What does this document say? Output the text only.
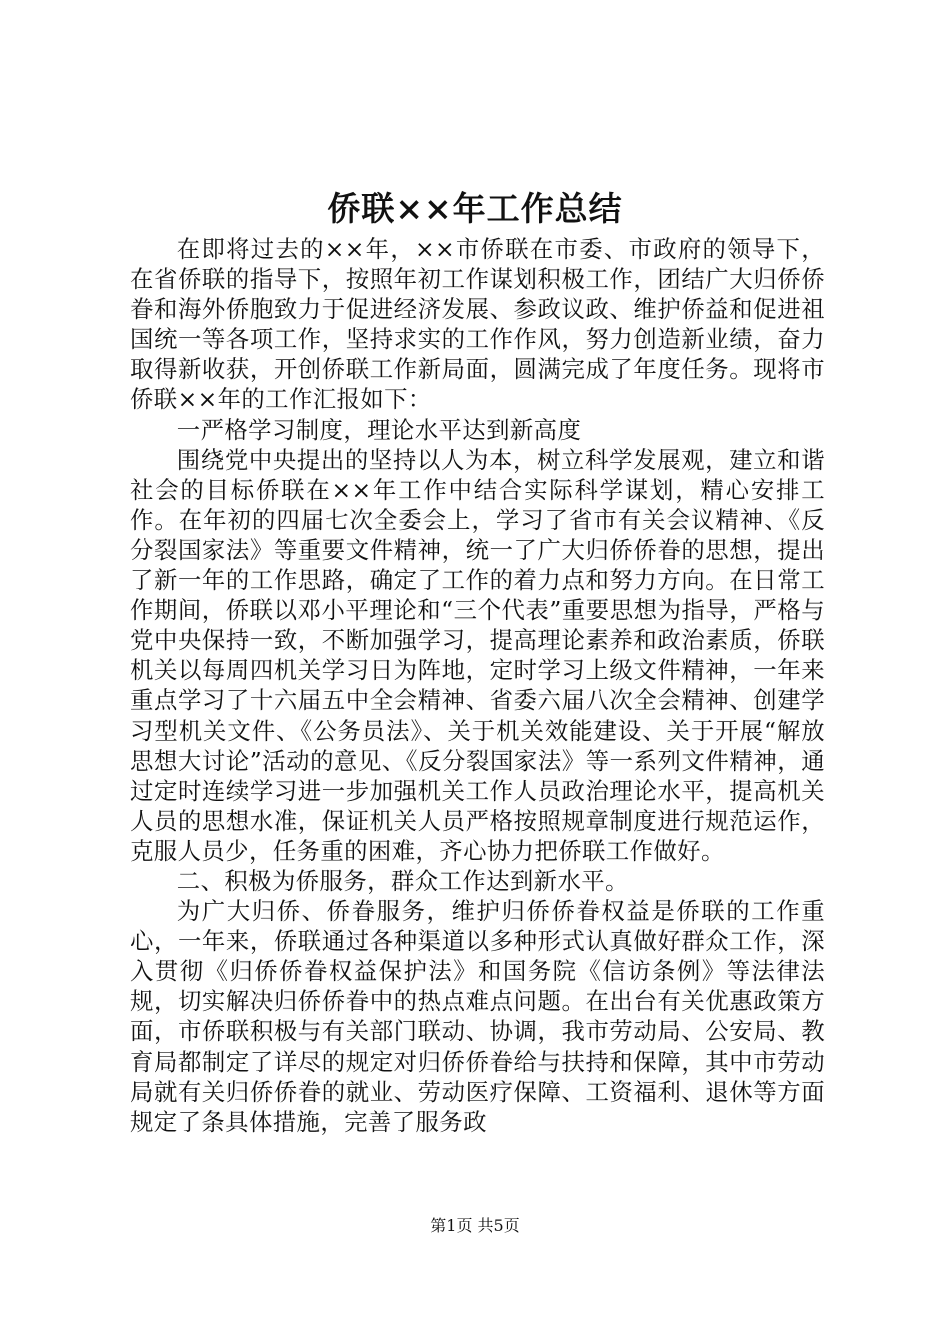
侨联××年工作总结

在即将过去的××年，××市侨联在市委、市政府的领导下，在省侨联的指导下，按照年初工作谋划积极工作，团结广大归侨侨眷和海外侨胞致力于促进经济发展、参政议政、维护侨益和促进祖国统一等各项工作，坚持求实的工作作风，努力创造新业绩，奋力取得新收获，开创侨联工作新局面，圆满完成了年度任务。现将市侨联××年的工作汇报如下：

一严格学习制度，理论水平达到新高度

围绕党中央提出的坚持以人为本，树立科学发展观，建立和谐社会的目标侨联在××年工作中结合实际科学谋划，精心安排工作。在年初的四届七次全委会上，学习了省市有关会议精神、《反分裂国家法》等重要文件精神，统一了广大归侨侨眷的思想，提出了新一年的工作思路，确定了工作的着力点和努力方向。在日常工作期间，侨联以邓小平理论和“三个代表”重要思想为指导，严格与党中央保持一致，不断加强学习，提高理论素养和政治素质，侨联机关以每周四机关学习日为阵地，定时学习上级文件精神，一年来重点学习了十六届五中全会精神、省委六届八次全会精神、创建学习型机关文件、《公务员法》、关于机关效能建设、关于开展“解放思想大讨论”活动的意见、《反分裂国家法》等一系列文件精神，通过定时连续学习进一步加强机关工作人员政治理论水平，提高机关人员的思想水准，保证机关人员严格按照规章制度进行规范运作，克服人员少，任务重的困难，齐心协力把侨联工作做好。

二、积极为侨服务，群众工作达到新水平。

为广大归侨、侨眷服务，维护归侨侨眷权益是侨联的工作重心，一年来，侨联通过各种渠道以多种形式认真做好群众工作，深入贯彻《归侨侨眷权益保护法》和国务院《信访条例》等法律法规，切实解决归侨侨眷中的热点难点问题。在出台有关优惠政策方面，市侨联积极与有关部门联动、协调，我市劳动局、公安局、教育局都制定了详尽的规定对归侨侨眷给与扶持和保障，其中市劳动局就有关归侨侨眷的就业、劳动医疗保障、工资福利、退休等方面规定了条具体措施，完善了服务政

第1页 共5页
